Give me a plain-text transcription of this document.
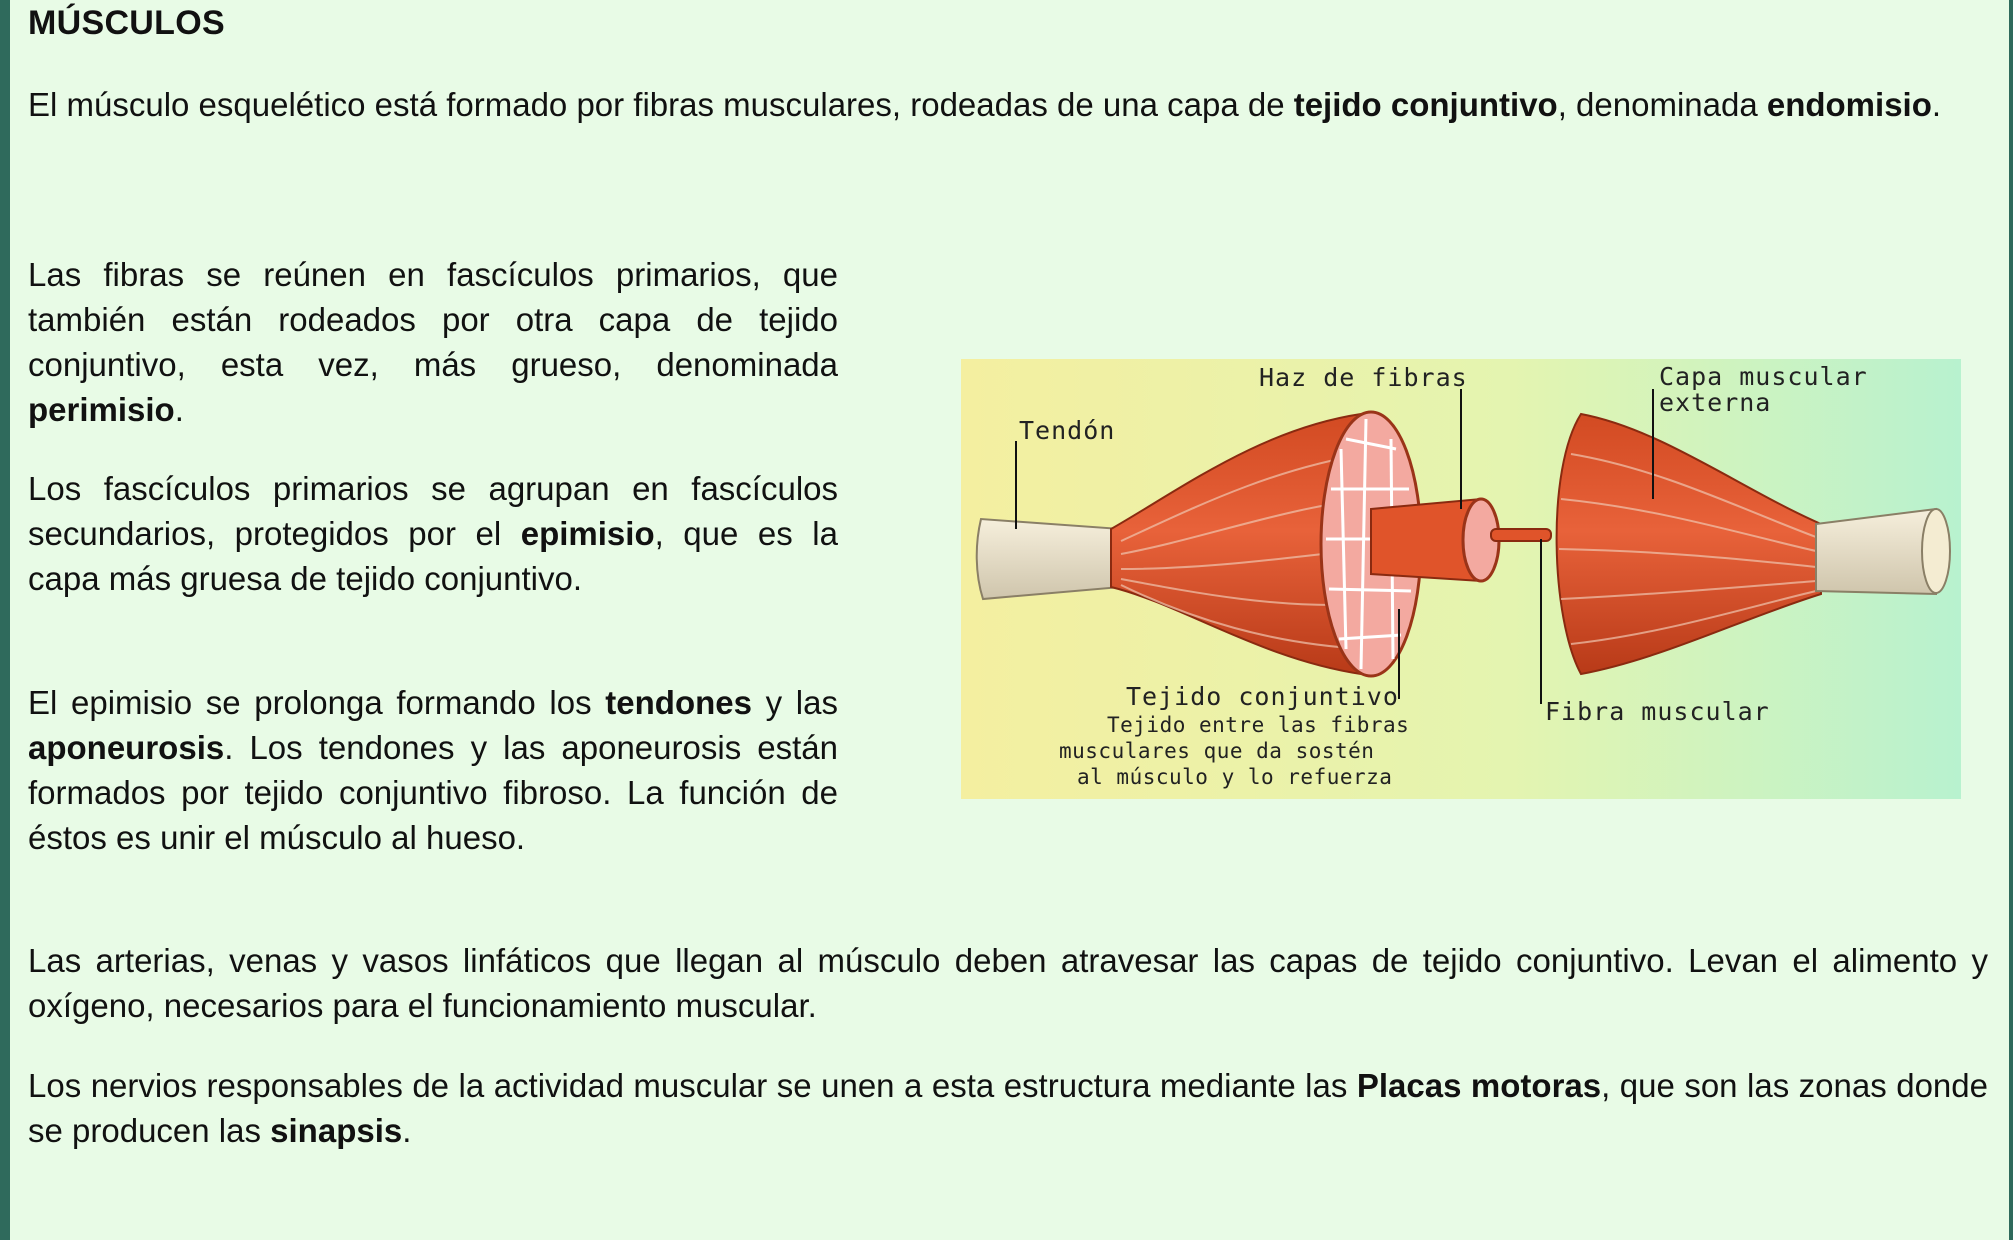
MÚSCULOS

El músculo esquelético está formado por fibras musculares, rodeadas de una capa de tejido conjuntivo, denominada endomisio.

Las fibras se reúnen en fascículos primarios, que también están rodeados por otra capa de tejido conjuntivo, esta vez, más grueso, denominada perimisio.

Los fascículos primarios se agrupan en fascículos secundarios, protegidos por el epimisio, que es la capa más gruesa de tejido conjuntivo.

El epimisio se prolonga formando los tendones y las aponeurosis. Los tendones y las aponeurosis están formados por tejido conjuntivo fibroso. La función de éstos es unir el músculo al hueso.

Las arterias, venas y vasos linfáticos que llegan al músculo deben atravesar las capas de tejido conjuntivo. Levan el alimento y oxígeno, necesarios para el funcionamiento muscular.

Los nervios responsables de la actividad muscular se unen a esta estructura mediante las Placas motoras, que son las zonas donde se producen las sinapsis.

Tendón
Haz de fibras	Capa muscular
externa
Tejido conjuntivo
Tejido entre las fibras
musculares que da sostén
al músculo y lo refuerza
Fibra muscular
